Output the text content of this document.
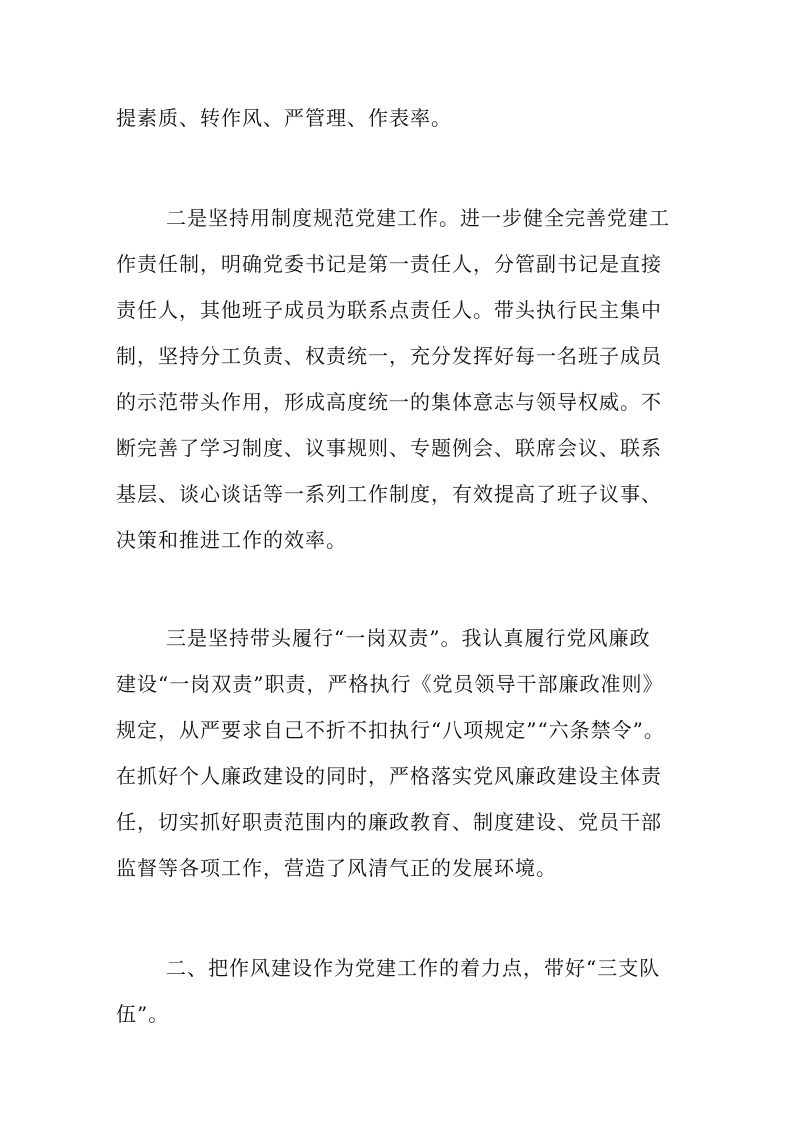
提素质、转作风、严管理、作表率。
二是坚持用制度规范党建工作。进一步健全完善党建工
作责任制，明确党委书记是第一责任人，分管副书记是直接
责任人，其他班子成员为联系点责任人。带头执行民主集中
制，坚持分工负责、权责统一，充分发挥好每一名班子成员
的示范带头作用，形成高度统一的集体意志与领导权威。不
断完善了学习制度、议事规则、专题例会、联席会议、联系
基层、谈心谈话等一系列工作制度，有效提高了班子议事、
决策和推进工作的效率。
三是坚持带头履行“一岗双责”。我认真履行党风廉政
建设“一岗双责”职责，严格执行《党员领导干部廉政准则》
规定，从严要求自己不折不扣执行“八项规定”“六条禁令”。
在抓好个人廉政建设的同时，严格落实党风廉政建设主体责
任，切实抓好职责范围内的廉政教育、制度建设、党员干部
监督等各项工作，营造了风清气正的发展环境。
二、把作风建设作为党建工作的着力点，带好“三支队
伍”。
